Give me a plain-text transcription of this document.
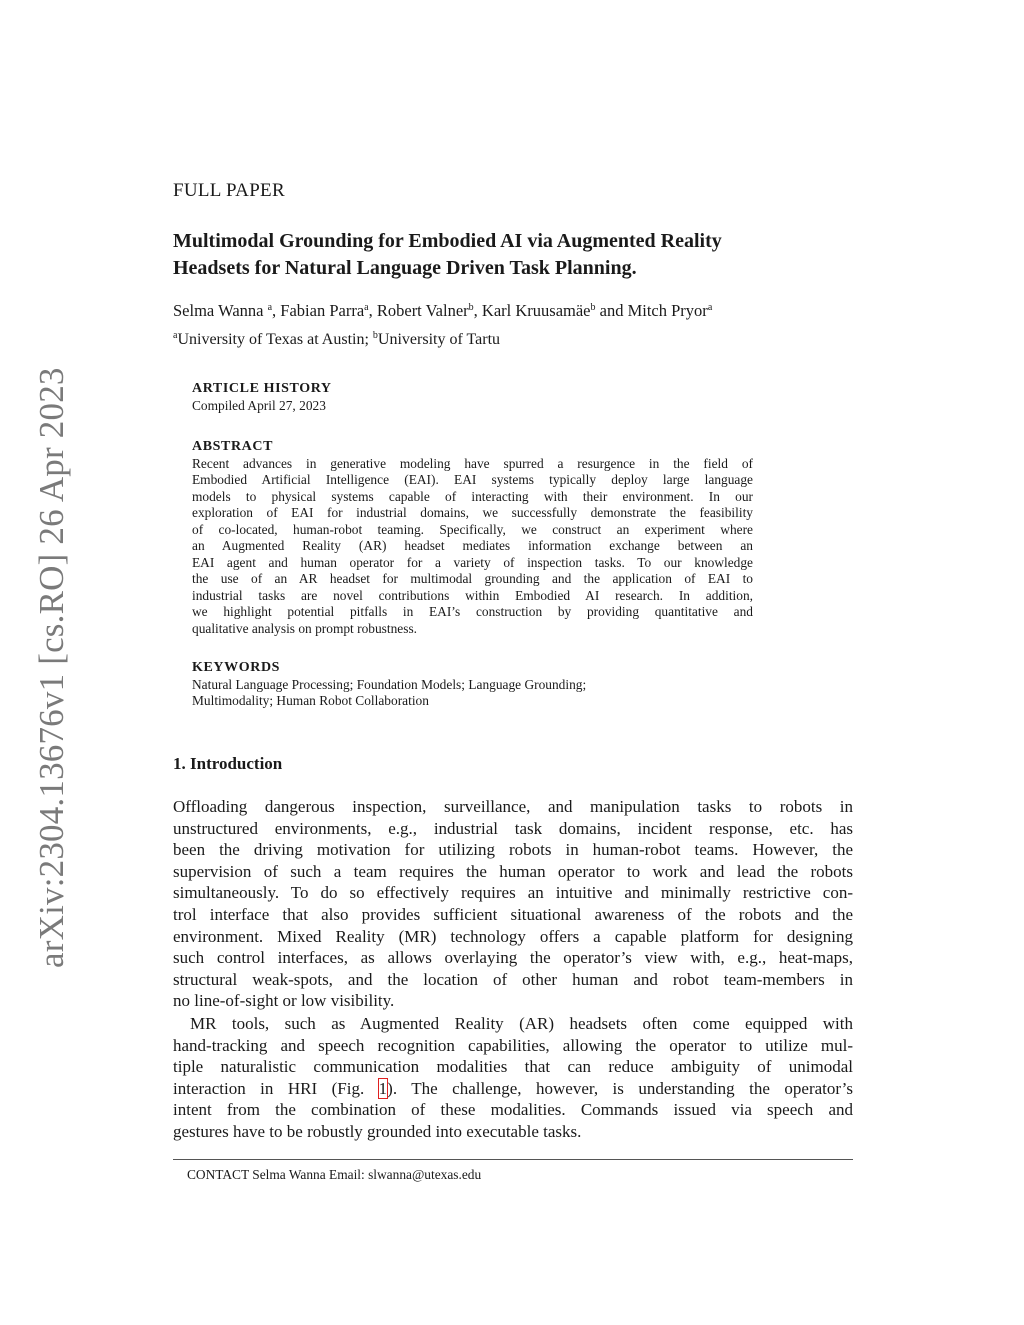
arXiv:2304.13676v1 [cs.RO] 26 Apr 2023
FULL PAPER
Multimodal Grounding for Embodied AI via Augmented Reality
Headsets for Natural Language Driven Task Planning.
Selma Wanna $^a$, Fabian Parra$^a$, Robert Valner$^b$, Karl Kruusamäe$^b$ and Mitch Pryor$^a$
$^a$University of Texas at Austin; $^b$University of Tartu
ARTICLE HISTORY
Compiled April 27, 2023
ABSTRACT

Recent advances in generative modeling have spurred a resurgence in the field of
Embodied Artificial Intelligence (EAI). EAI systems typically deploy large language
models to physical systems capable of interacting with their environment. In our
exploration of EAI for industrial domains, we successfully demonstrate the feasibility
of co-located, human-robot teaming. Specifically, we construct an experiment where
an Augmented Reality (AR) headset mediates information exchange between an
EAI agent and human operator for a variety of inspection tasks. To our knowledge
the use of an AR headset for multimodal grounding and the application of EAI to
industrial tasks are novel contributions within Embodied AI research. In addition,
we highlight potential pitfalls in EAI’s construction by providing quantitative and
qualitative analysis on prompt robustness.

KEYWORDS
Natural Language Processing; Foundation Models; Language Grounding;
Multimodality; Human Robot Collaboration
1. Introduction
Offloading dangerous inspection, surveillance, and manipulation tasks to robots in
unstructured environments, e.g., industrial task domains, incident response, etc. has
been the driving motivation for utilizing robots in human-robot teams. However, the
supervision of such a team requires the human operator to work and lead the robots
simultaneously. To do so effectively requires an intuitive and minimally restrictive con-
trol interface that also provides sufficient situational awareness of the robots and the
environment. Mixed Reality (MR) technology offers a capable platform for designing
such control interfaces, as allows overlaying the operator’s view with, e.g., heat-maps,
structural weak-spots, and the location of other human and robot team-members in
no line-of-sight or low visibility.
MR tools, such as Augmented Reality (AR) headsets often come equipped with
hand-tracking and speech recognition capabilities, allowing the operator to utilize mul-
tiple naturalistic communication modalities that can reduce ambiguity of unimodal
interaction in HRI (Fig. 1). The challenge, however, is understanding the operator’s
intent from the combination of these modalities. Commands issued via speech and
gestures have to be robustly grounded into executable tasks.
CONTACT Selma Wanna Email: slwanna@utexas.edu
